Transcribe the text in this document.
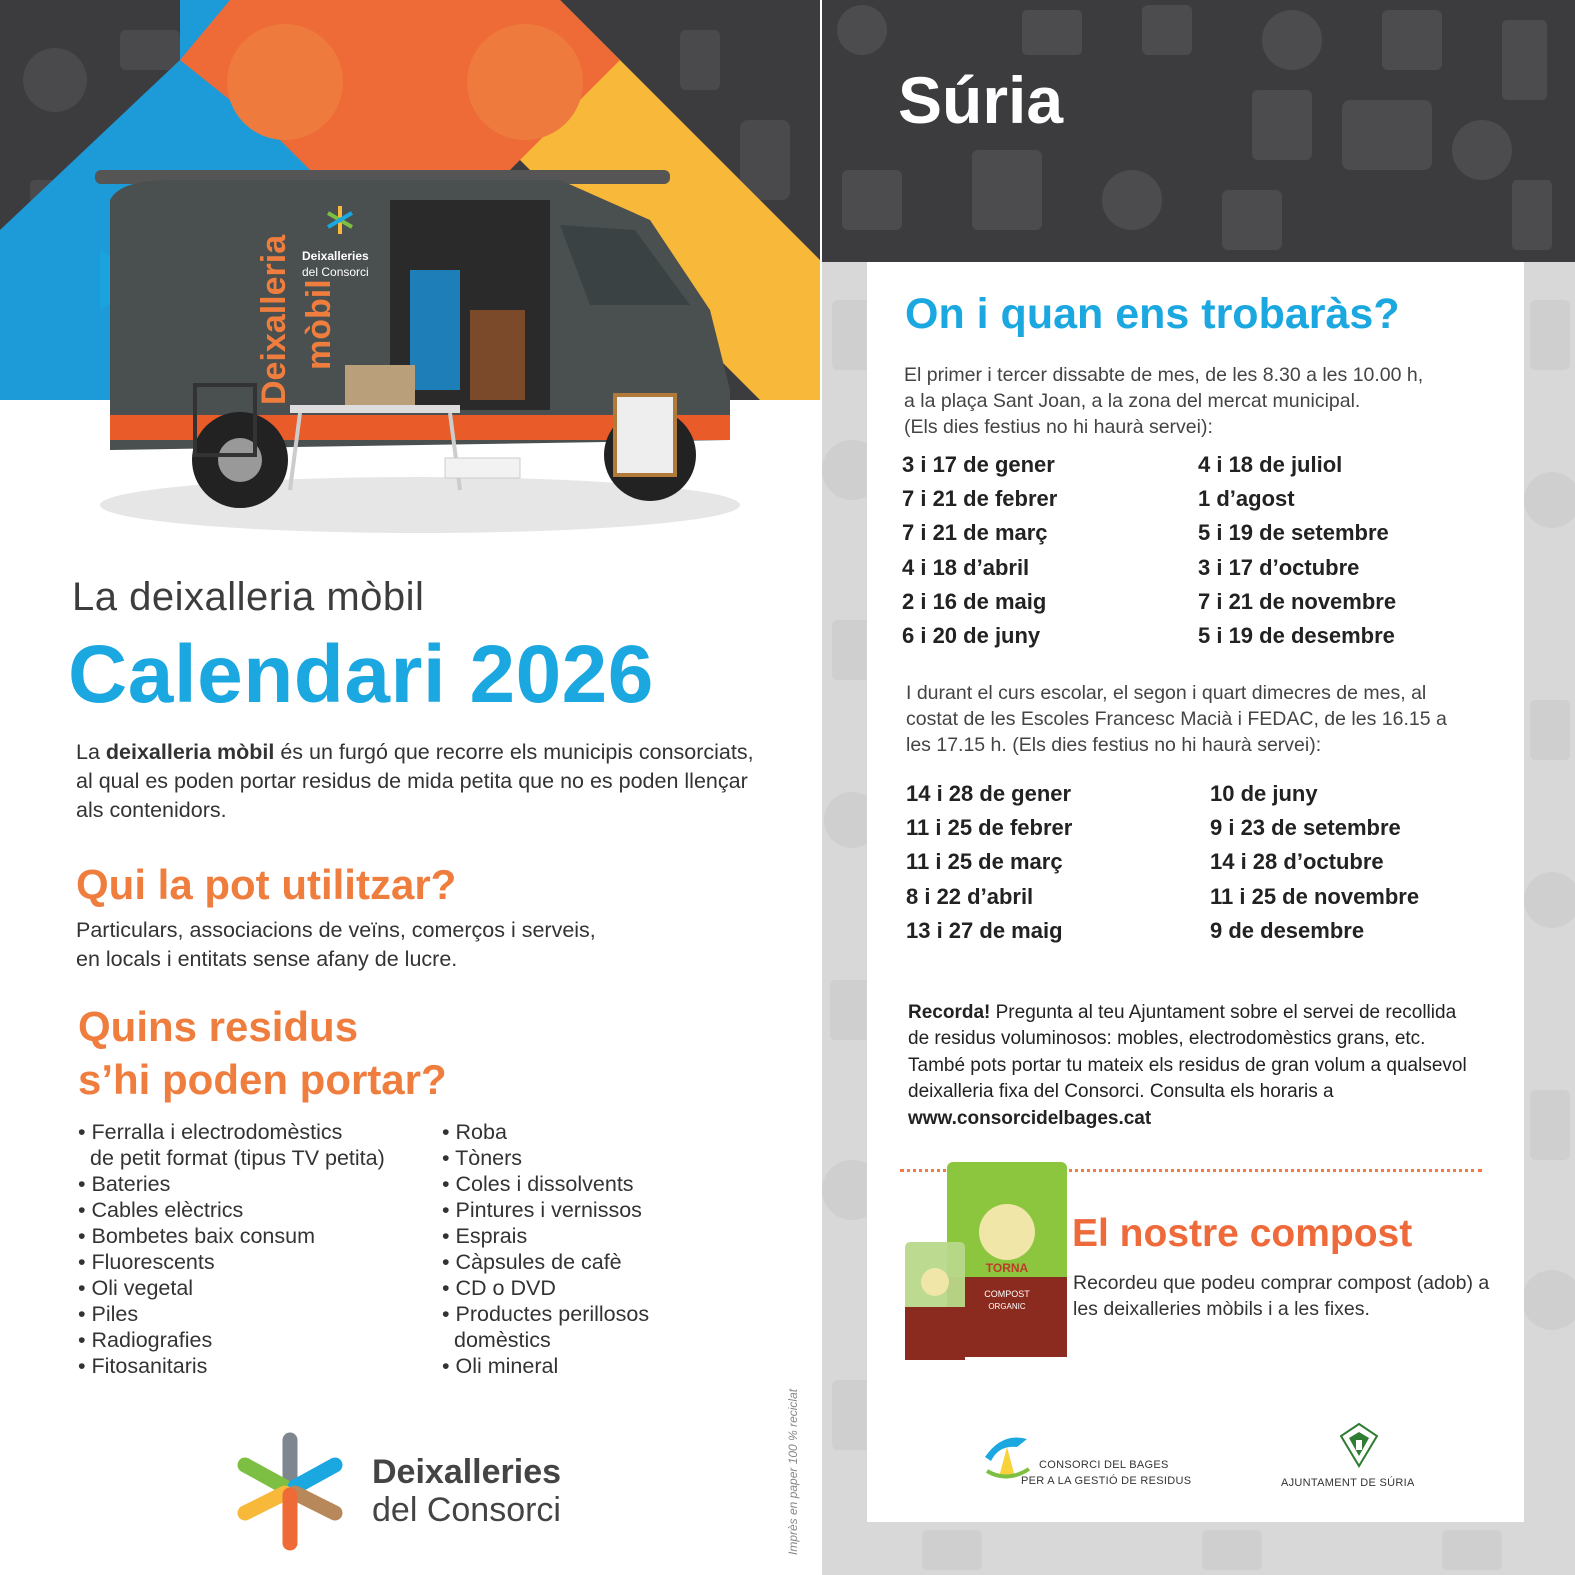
Deixalleries
del Consorci
Deixalleria mòbil
La deixalleria mòbil
Calendari 2026

La deixalleria mòbil és un furgó que recorre els municipis consorciats, al qual es poden portar residus de mida petita que no es poden llençar als contenidors.

Qui la pot utilitzar?
Particulars, associacions de veïns, comerços i serveis,
en locals i entitats sense afany de lucre.
Quins residus
s’hi poden portar?
• Ferralla i electrodomèstics
de petit format (tipus TV petita)
• Bateries
• Cables elèctrics
• Bombetes baix consum
• Fluorescents
• Oli vegetal
• Piles
• Radiografies
• Fitosanitaris
• Roba
• Tòners
• Coles i dissolvents
• Pintures i vernissos
• Esprais
• Càpsules de cafè
• CD o DVD
• Productes perillosos
domèstics
• Oli mineral
Imprès en paper 100 % reciclat
Deixalleries
del Consorci
Súria
On i quan ens trobaràs?
El primer i tercer dissabte de mes, de les 8.30 a les 10.00 h,
a la plaça Sant Joan, a la zona del mercat municipal.
(Els dies festius no hi haurà servei):
3 i 17 de gener
7 i 21 de febrer
7 i 21 de març
4 i 18 d’abril
2 i 16 de maig
6 i 20 de juny
4 i 18 de juliol
1 d’agost
5 i 19 de setembre
3 i 17 d’octubre
7 i 21 de novembre
5 i 19 de desembre
I durant el curs escolar, el segon i quart dimecres de mes, al
costat de les Escoles Francesc Macià i FEDAC, de les 16.15 a
les 17.15 h. (Els dies festius no hi haurà servei):
14 i 28 de gener
11 i 25 de febrer
11 i 25 de març
8 i 22 d’abril
13 i 27 de maig
10 de juny
9 i 23 de setembre
14 i 28 d’octubre
11 i 25 de novembre
9 de desembre

Recorda! Pregunta al teu Ajuntament sobre el servei de recollida de residus voluminosos: mobles, electrodomèstics grans, etc. També pots portar tu mateix els residus de gran volum a qualsevol deixalleria fixa del Consorci. Consulta els horaris a www.consorcidelbages.cat

TORNA
COMPOST
ORGANIC
El nostre compost
Recordeu que podeu comprar compost (adob) a les deixalleries mòbils i a les fixes.
CONSORCI DEL BAGES
PER A LA GESTIÓ DE RESIDUS	AJUNTAMENT DE SÚRIA
